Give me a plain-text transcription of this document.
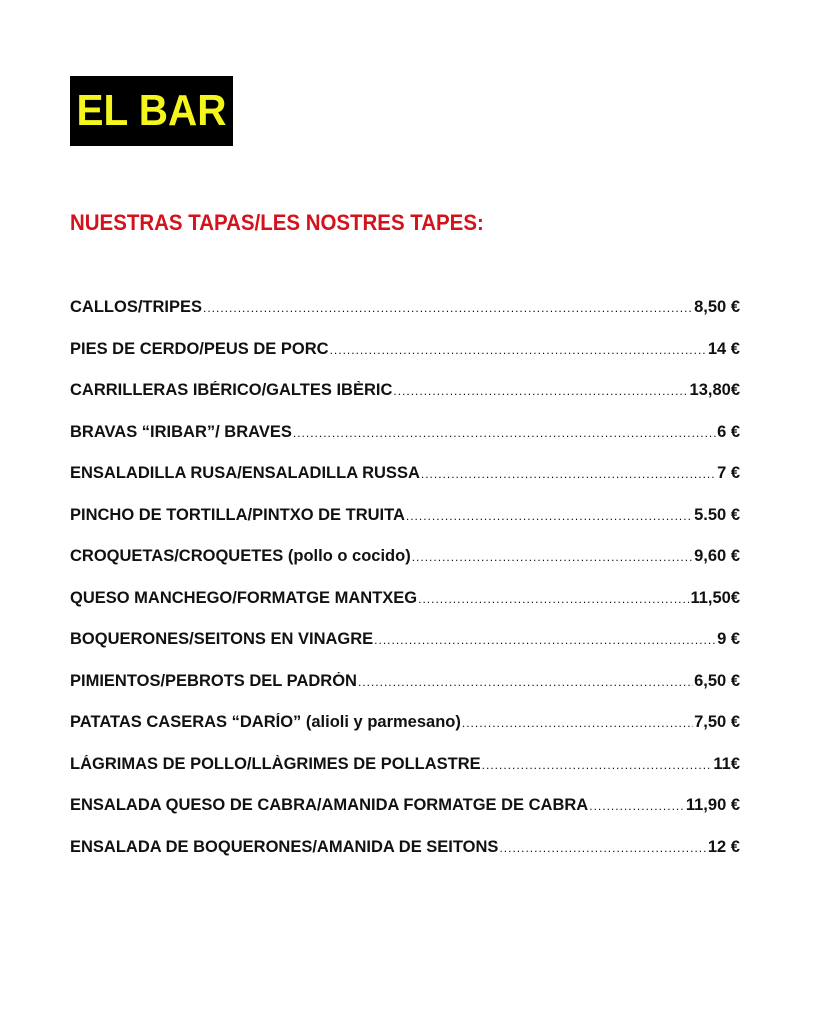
EL BAR
NUESTRAS TAPAS/LES NOSTRES TAPES:
CALLOS/TRIPES .....	8,50 €
PIES DE CERDO/PEUS DE PORC .....	14 €
CARRILLERAS IBÉRICO/GALTES IBÈRIC .....	13,80€
BRAVAS “IRIBAR”/ BRAVES .....	6 €
ENSALADILLA RUSA/ENSALADILLA RUSSA .....	7 €
PINCHO DE TORTILLA/PINTXO DE TRUITA .....	5.50 €
CROQUETAS/CROQUETES (pollo o cocido) .....	9,60 €
QUESO MANCHEGO/FORMATGE MANTXEG .....	11,50€
BOQUERONES/SEITONS EN VINAGRE .....	9 €
PIMIENTOS/PEBROTS DEL PADRÓN .....	6,50 €
PATATAS CASERAS “DARÍO” (alioli y parmesano) .....	7,50 €
LÁGRIMAS DE POLLO/LLÀGRIMES DE POLLASTRE .....	11€
ENSALADA QUESO DE CABRA/AMANIDA FORMATGE DE CABRA .....	11,90 €
ENSALADA DE BOQUERONES/AMANIDA DE SEITONS .....	12 €
